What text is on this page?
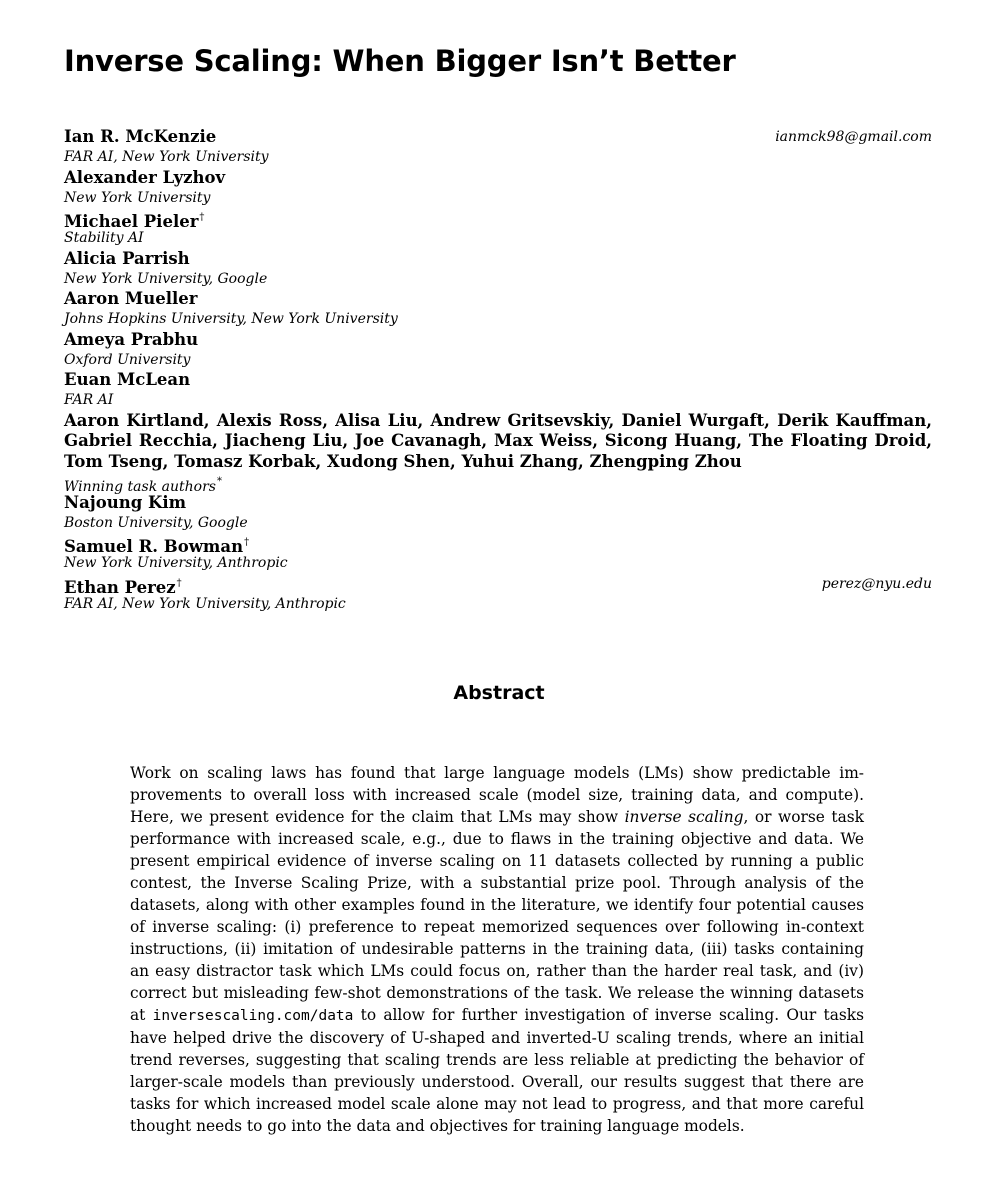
Inverse Scaling: When Bigger Isn’t Better
Ian R. McKenzie	ianmck98@gmail.com
FAR AI, New York University
Alexander Lyzhov
New York University
Michael Pieler†
Stability AI
Alicia Parrish
New York University, Google
Aaron Mueller
Johns Hopkins University, New York University
Ameya Prabhu
Oxford University
Euan McLean
FAR AI
Aaron Kirtland, Alexis Ross, Alisa Liu, Andrew Gritsevskiy, Daniel Wurgaft, Derik Kauffman, Gabriel Recchia, Jiacheng Liu, Joe Cavanagh, Max Weiss, Sicong Huang, The Floating Droid, Tom Tseng, Tomasz Korbak, Xudong Shen, Yuhui Zhang, Zhengping Zhou
Winning task authors*
Najoung Kim
Boston University, Google
Samuel R. Bowman†
New York University, Anthropic
Ethan Perez†	perez@nyu.edu
FAR AI, New York University, Anthropic
Abstract

Work on scaling laws has found that large language models (LMs) show predictable improvements to overall loss with increased scale (model size, training data, and compute). Here, we present evidence for the claim that LMs may show inverse scaling, or worse task performance with increased scale, e.g., due to flaws in the training objective and data. We present empirical evidence of inverse scaling on 11 datasets collected by running a public contest, the Inverse Scaling Prize, with a substantial prize pool. Through analysis of the datasets, along with other examples found in the literature, we identify four potential causes of inverse scaling: (i) preference to repeat memorized sequences over following in-context instructions, (ii) imitation of undesirable patterns in the training data, (iii) tasks containing an easy distractor task which LMs could focus on, rather than the harder real task, and (iv) correct but misleading few-shot demonstrations of the task. We release the winning datasets at inversescaling.com/data to allow for further investigation of inverse scaling. Our tasks have helped drive the discovery of U-shaped and inverted-U scaling trends, where an initial trend reverses, suggesting that scaling trends are less reliable at predicting the behavior of larger-scale models than previously understood. Overall, our results suggest that there are tasks for which increased model scale alone may not lead to progress, and that more careful thought needs to go into the data and objectives for training language models.
